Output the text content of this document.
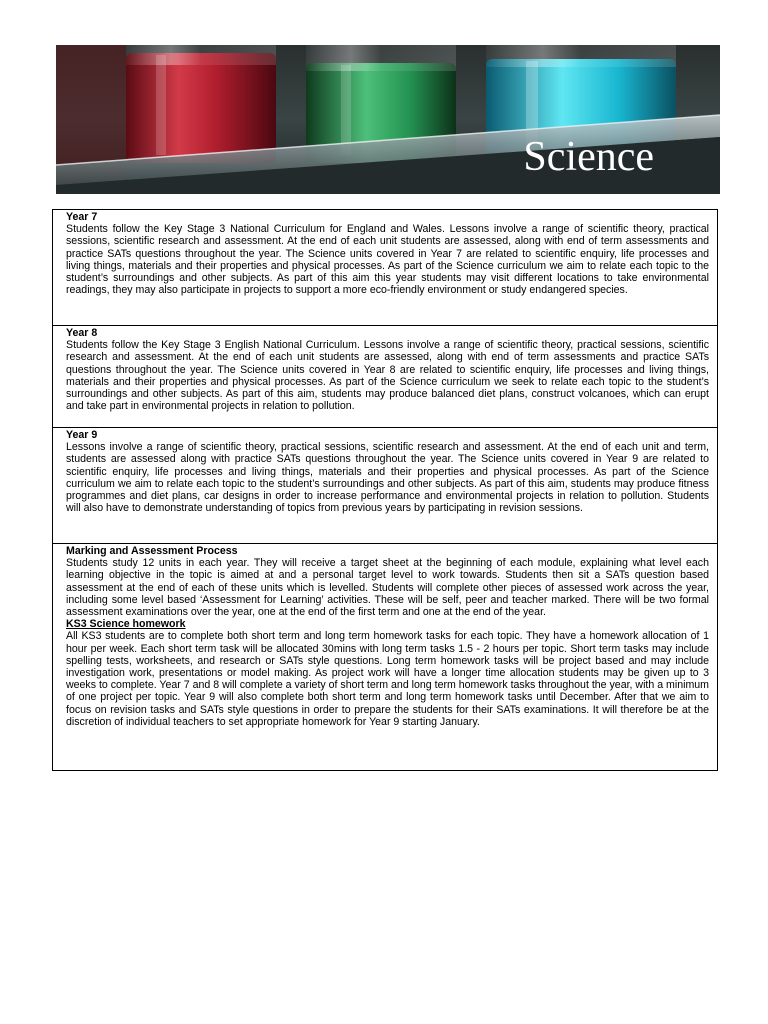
Science
Year 7
Students follow the Key Stage 3 National Curriculum for England and Wales. Lessons involve a range of scientific theory, practical sessions, scientific research and assessment. At the end of each unit students are assessed, along with end of term assessments and practice SATs questions throughout the year. The Science units covered in Year 7 are related to scientific enquiry, life processes and living things, materials and their properties and physical processes. As part of the Science curriculum we aim to relate each topic to the student’s surroundings and other subjects. As part of this aim this year students may visit different locations to take environmental readings, they may also participate in projects to support a more eco-friendly environment or study endangered species.

Year 8
Students follow the Key Stage 3 English National Curriculum. Lessons involve a range of scientific theory, practical sessions, scientific research and assessment. At the end of each unit students are assessed, along with end of term assessments and practice SATs questions throughout the year. The Science units covered in Year 8 are related to scientific enquiry, life processes and living things, materials and their properties and physical processes. As part of the Science curriculum we seek to relate each topic to the student’s surroundings and other subjects. As part of this aim, students may produce balanced diet plans, construct volcanoes, which can erupt and take part in environmental projects in relation to pollution.

Year 9
Lessons involve a range of scientific theory, practical sessions, scientific research and assessment. At the end of each unit and term, students are assessed along with practice SATs questions throughout the year. The Science units covered in Year 9 are related to scientific enquiry, life processes and living things, materials and their properties and physical processes. As part of the Science curriculum we aim to relate each topic to the student’s surroundings and other subjects. As part of this aim, students may produce fitness programmes and diet plans, car designs in order to increase performance and environmental projects in relation to pollution. Students will also have to demonstrate understanding of topics from previous years by participating in revision sessions.

Marking and Assessment Process
Students study 12 units in each year. They will receive a target sheet at the beginning of each module, explaining what level each learning objective in the topic is aimed at and a personal target level to work towards. Students then sit a SATs question based assessment at the end of each of these units which is levelled. Students will complete other pieces of assessed work across the year, including some level based ‘Assessment for Learning’ activities. These will be self, peer and teacher marked. There will be two formal assessment examinations over the year, one at the end of the first term and one at the end of the year.
KS3 Science homework
All KS3 students are to complete both short term and long term homework tasks for each topic. They have a homework allocation of 1 hour per week. Each short term task will be allocated 30mins with long term tasks 1.5 - 2 hours per topic. Short term tasks may include spelling tests, worksheets, and research or SATs style questions. Long term homework tasks will be project based and may include investigation work, presentations or model making. As project work will have a longer time allocation students may be given up to 3 weeks to complete. Year 7 and 8 will complete a variety of short term and long term homework tasks throughout the year, with a minimum of one project per topic. Year 9 will also complete both short term and long term homework tasks until December. After that we aim to focus on revision tasks and SATs style questions in order to prepare the students for their SATs examinations. It will therefore be at the discretion of individual teachers to set appropriate homework for Year 9 starting January.
